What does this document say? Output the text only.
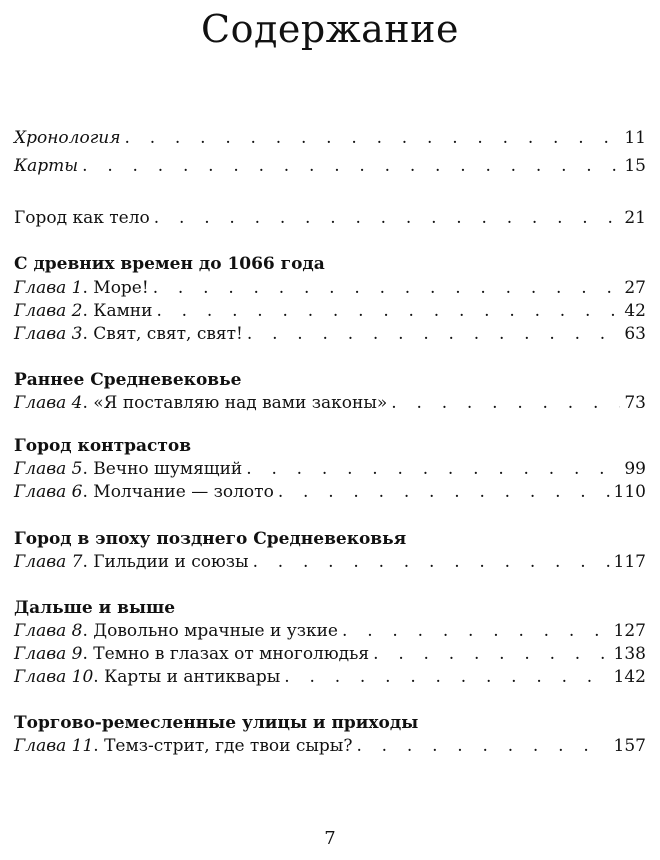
Содержание
Хронология . . .	11
Карты . . .	15
Город как тело . . .	21
С древних времен до 1066 года
Глава 1. Море! . . .	27
Глава 2. Камни . . .	42
Глава 3. Свят, свят, свят! . . .	63
Раннее Средневековье
Глава 4. «Я поставляю над вами законы» . . .	73
Город контрастов
Глава 5. Вечно шумящий . . .	99
Глава 6. Молчание — золото . . .	110
Город в эпоху позднего Средневековья
Глава 7. Гильдии и союзы . . .	117
Дальше и выше
Глава 8. Довольно мрачные и узкие . . .	127
Глава 9. Темно в глазах от многолюдья . . .	138
Глава 10. Карты и антиквары . . .	142
Торгово-ремесленные улицы и приходы
Глава 11. Темз-стрит, где твои сыры? . . .	157
7
